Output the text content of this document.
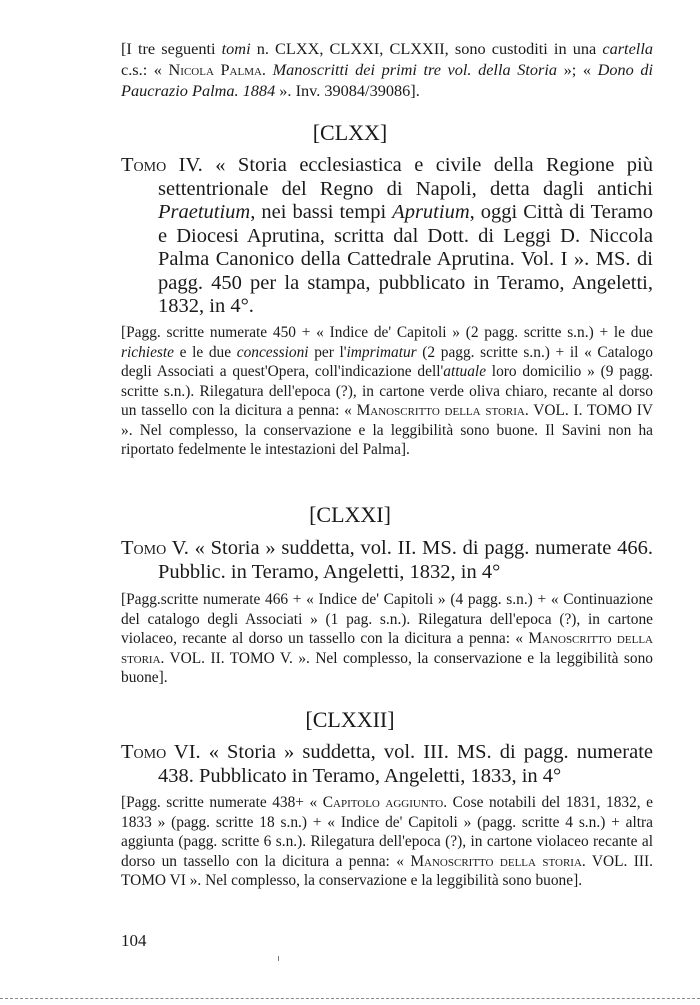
[I tre seguenti tomi n. CLXX, CLXXI, CLXXII, sono custoditi in una cartella c.s.: « Nicola Palma. Manoscritti dei primi tre vol. della Storia »; « Dono di Paucrazio Palma. 1884 ». Inv. 39084/39086].

[CLXX]

Tomo IV. « Storia ecclesiastica e civile della Regione più settentrionale del Regno di Napoli, detta dagli antichi Praetutium, nei bassi tempi Aprutium, oggi Città di Teramo e Diocesi Aprutina, scritta dal Dott. di Leggi D. Niccola Palma Canonico della Cattedrale Aprutina. Vol. I ». MS. di pagg. 450 per la stampa, pubblicato in Teramo, Angeletti, 1832, in 4°.

[Pagg. scritte numerate 450 + « Indice de' Capitoli » (2 pagg. scritte s.n.) + le due richieste e le due concessioni per l'imprimatur (2 pagg. scritte s.n.) + il « Catalogo degli Associati a quest'Opera, coll'indicazione dell'attuale loro domicilio » (9 pagg. scritte s.n.). Rilegatura dell'epoca (?), in cartone verde oliva chiaro, recante al dorso un tassello con la dicitura a penna: « Manoscritto della storia. VOL. I. TOMO IV ». Nel complesso, la conservazione e la leggibilità sono buone. Il Savini non ha riportato fedelmente le intestazioni del Palma].

[CLXXI]

Tomo V. « Storia » suddetta, vol. II. MS. di pagg. numerate 466. Pubblic. in Teramo, Angeletti, 1832, in 4°

[Pagg.scritte numerate 466 + « Indice de' Capitoli » (4 pagg. s.n.) + « Continuazione del catalogo degli Associati » (1 pag. s.n.). Rilegatura dell'epoca (?), in cartone violaceo, recante al dorso un tassello con la dicitura a penna: « Manoscritto della storia. VOL. II. TOMO V. ». Nel complesso, la conservazione e la leggibilità sono buone].

[CLXXII]

Tomo VI. « Storia » suddetta, vol. III. MS. di pagg. numerate 438. Pubblicato in Teramo, Angeletti, 1833, in 4°

[Pagg. scritte numerate 438+ « Capitolo aggiunto. Cose notabili del 1831, 1832, e 1833 » (pagg. scritte 18 s.n.) + « Indice de' Capitoli » (pagg. scritte 4 s.n.) + altra aggiunta (pagg. scritte 6 s.n.). Rilegatura dell'epoca (?), in cartone violaceo recante al dorso un tassello con la dicitura a penna: « Manoscritto della storia. VOL. III. TOMO VI ». Nel complesso, la conservazione e la leggibilità sono buone].

104
